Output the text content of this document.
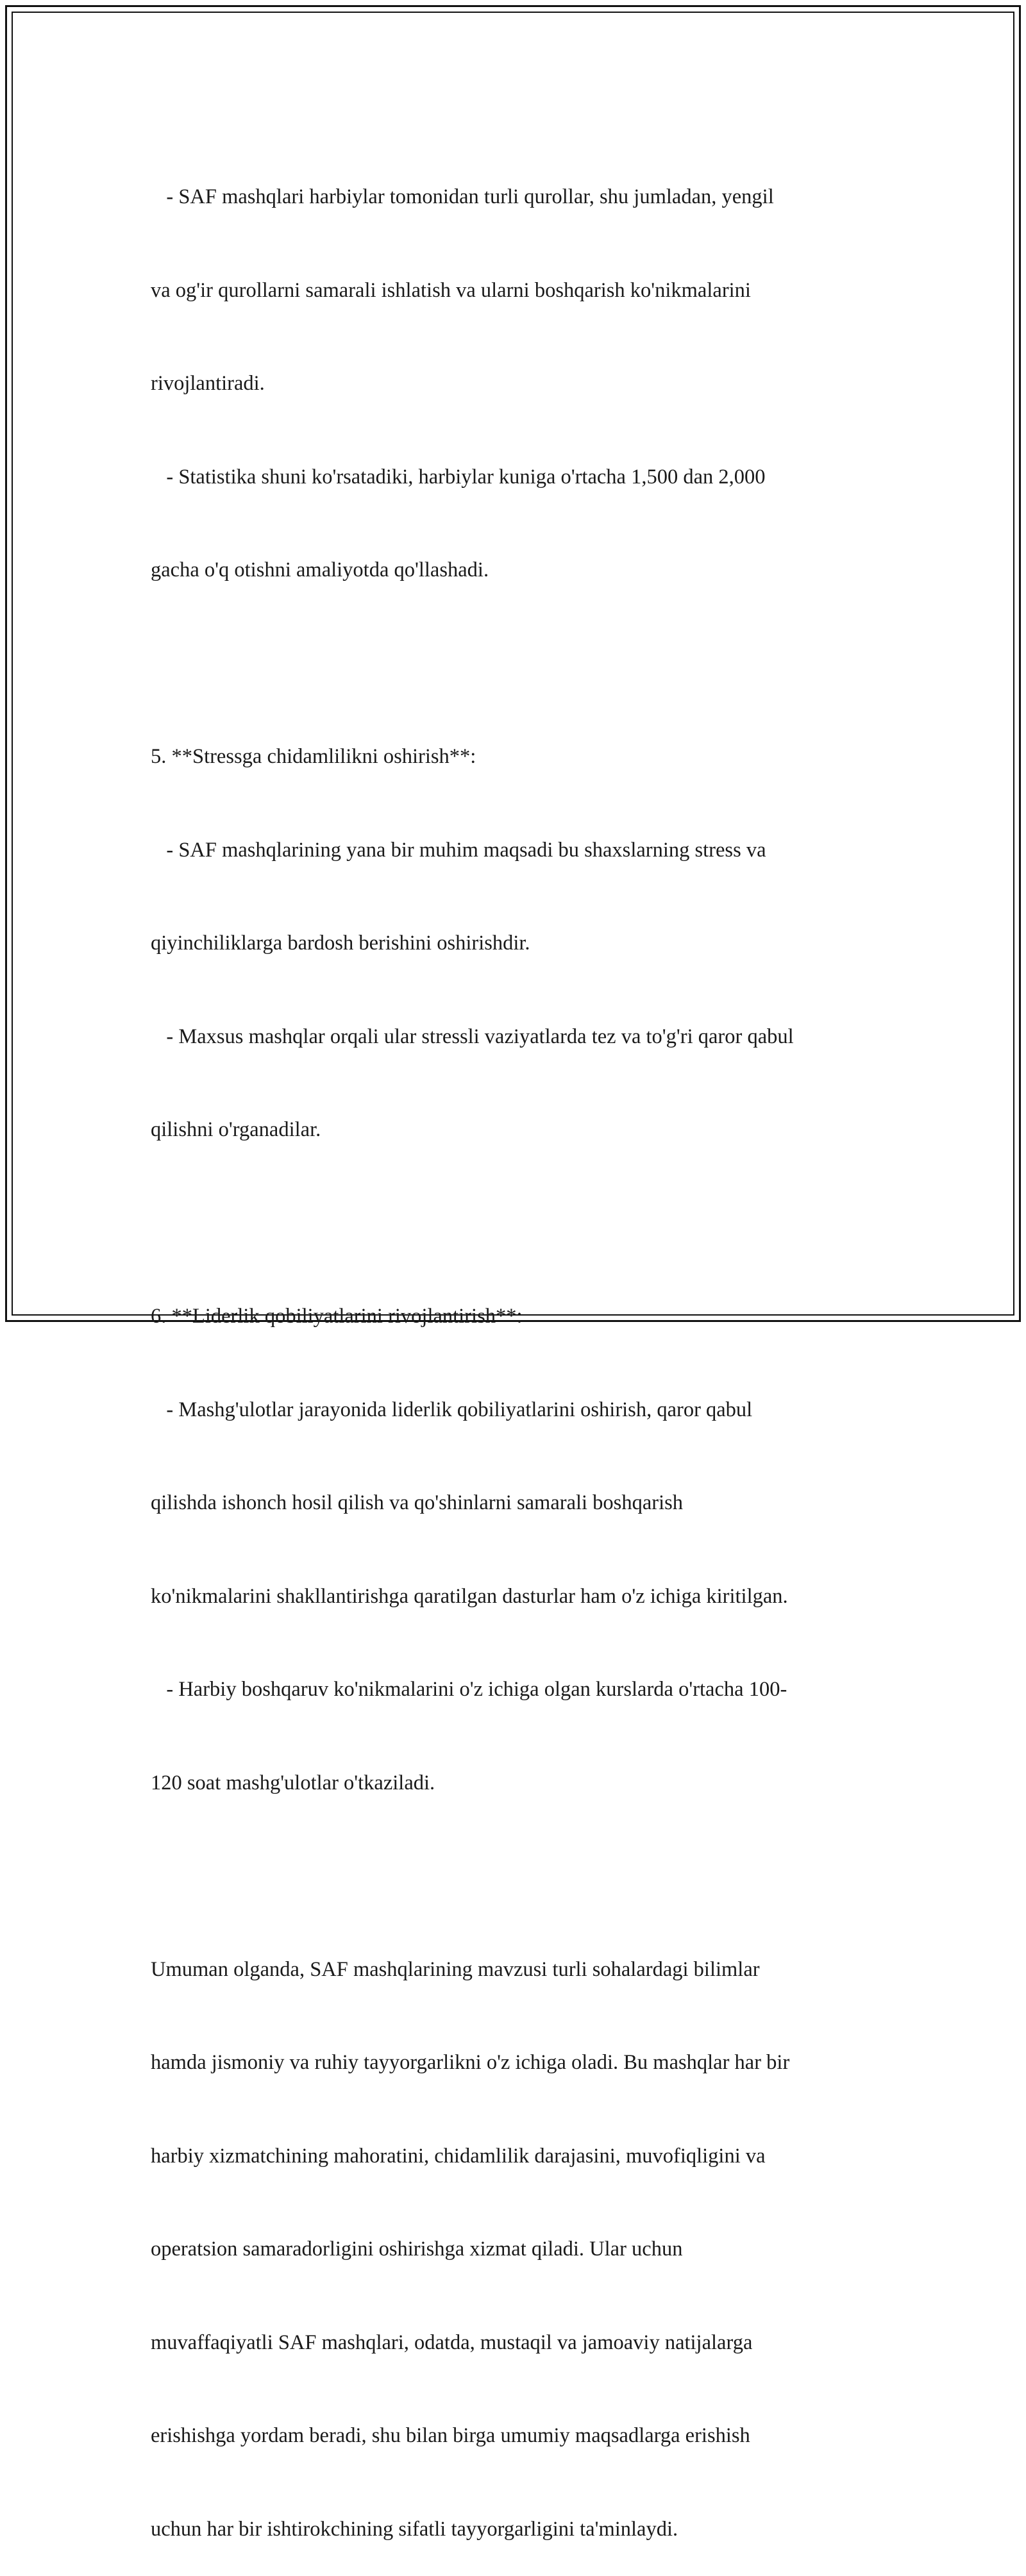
- SAF mashqlari harbiylar tomonidan turli qurollar, shu jumladan, yengil

va og'ir qurollarni samarali ishlatish va ularni boshqarish ko'nikmalarini

rivojlantiradi.

- Statistika shuni ko'rsatadiki, harbiylar kuniga o'rtacha 1,500 dan 2,000

gacha o'q otishni amaliyotda qo'llashadi.

5. **Stressga chidamlilikni oshirish**:

- SAF mashqlarining yana bir muhim maqsadi bu shaxslarning stress va

qiyinchiliklarga bardosh berishini oshirishdir.

- Maxsus mashqlar orqali ular stressli vaziyatlarda tez va to'g'ri qaror qabul

qilishni o'rganadilar.

6. **Liderlik qobiliyatlarini rivojlantirish**:

- Mashg'ulotlar jarayonida liderlik qobiliyatlarini oshirish, qaror qabul

qilishda ishonch hosil qilish va qo'shinlarni samarali boshqarish

ko'nikmalarini shakllantirishga qaratilgan dasturlar ham o'z ichiga kiritilgan.

- Harbiy boshqaruv ko'nikmalarini o'z ichiga olgan kurslarda o'rtacha 100-

120 soat mashg'ulotlar o'tkaziladi.

Umuman olganda, SAF mashqlarining mavzusi turli sohalardagi bilimlar

hamda jismoniy va ruhiy tayyorgarlikni o'z ichiga oladi. Bu mashqlar har bir

harbiy xizmatchining mahoratini, chidamlilik darajasini, muvofiqligini va

operatsion samaradorligini oshirishga xizmat qiladi. Ular uchun

muvaffaqiyatli SAF mashqlari, odatda, mustaqil va jamoaviy natijalarga

erishishga yordam beradi, shu bilan birga umumiy maqsadlarga erishish

uchun har bir ishtirokchining sifatli tayyorgarligini ta'minlaydi.
